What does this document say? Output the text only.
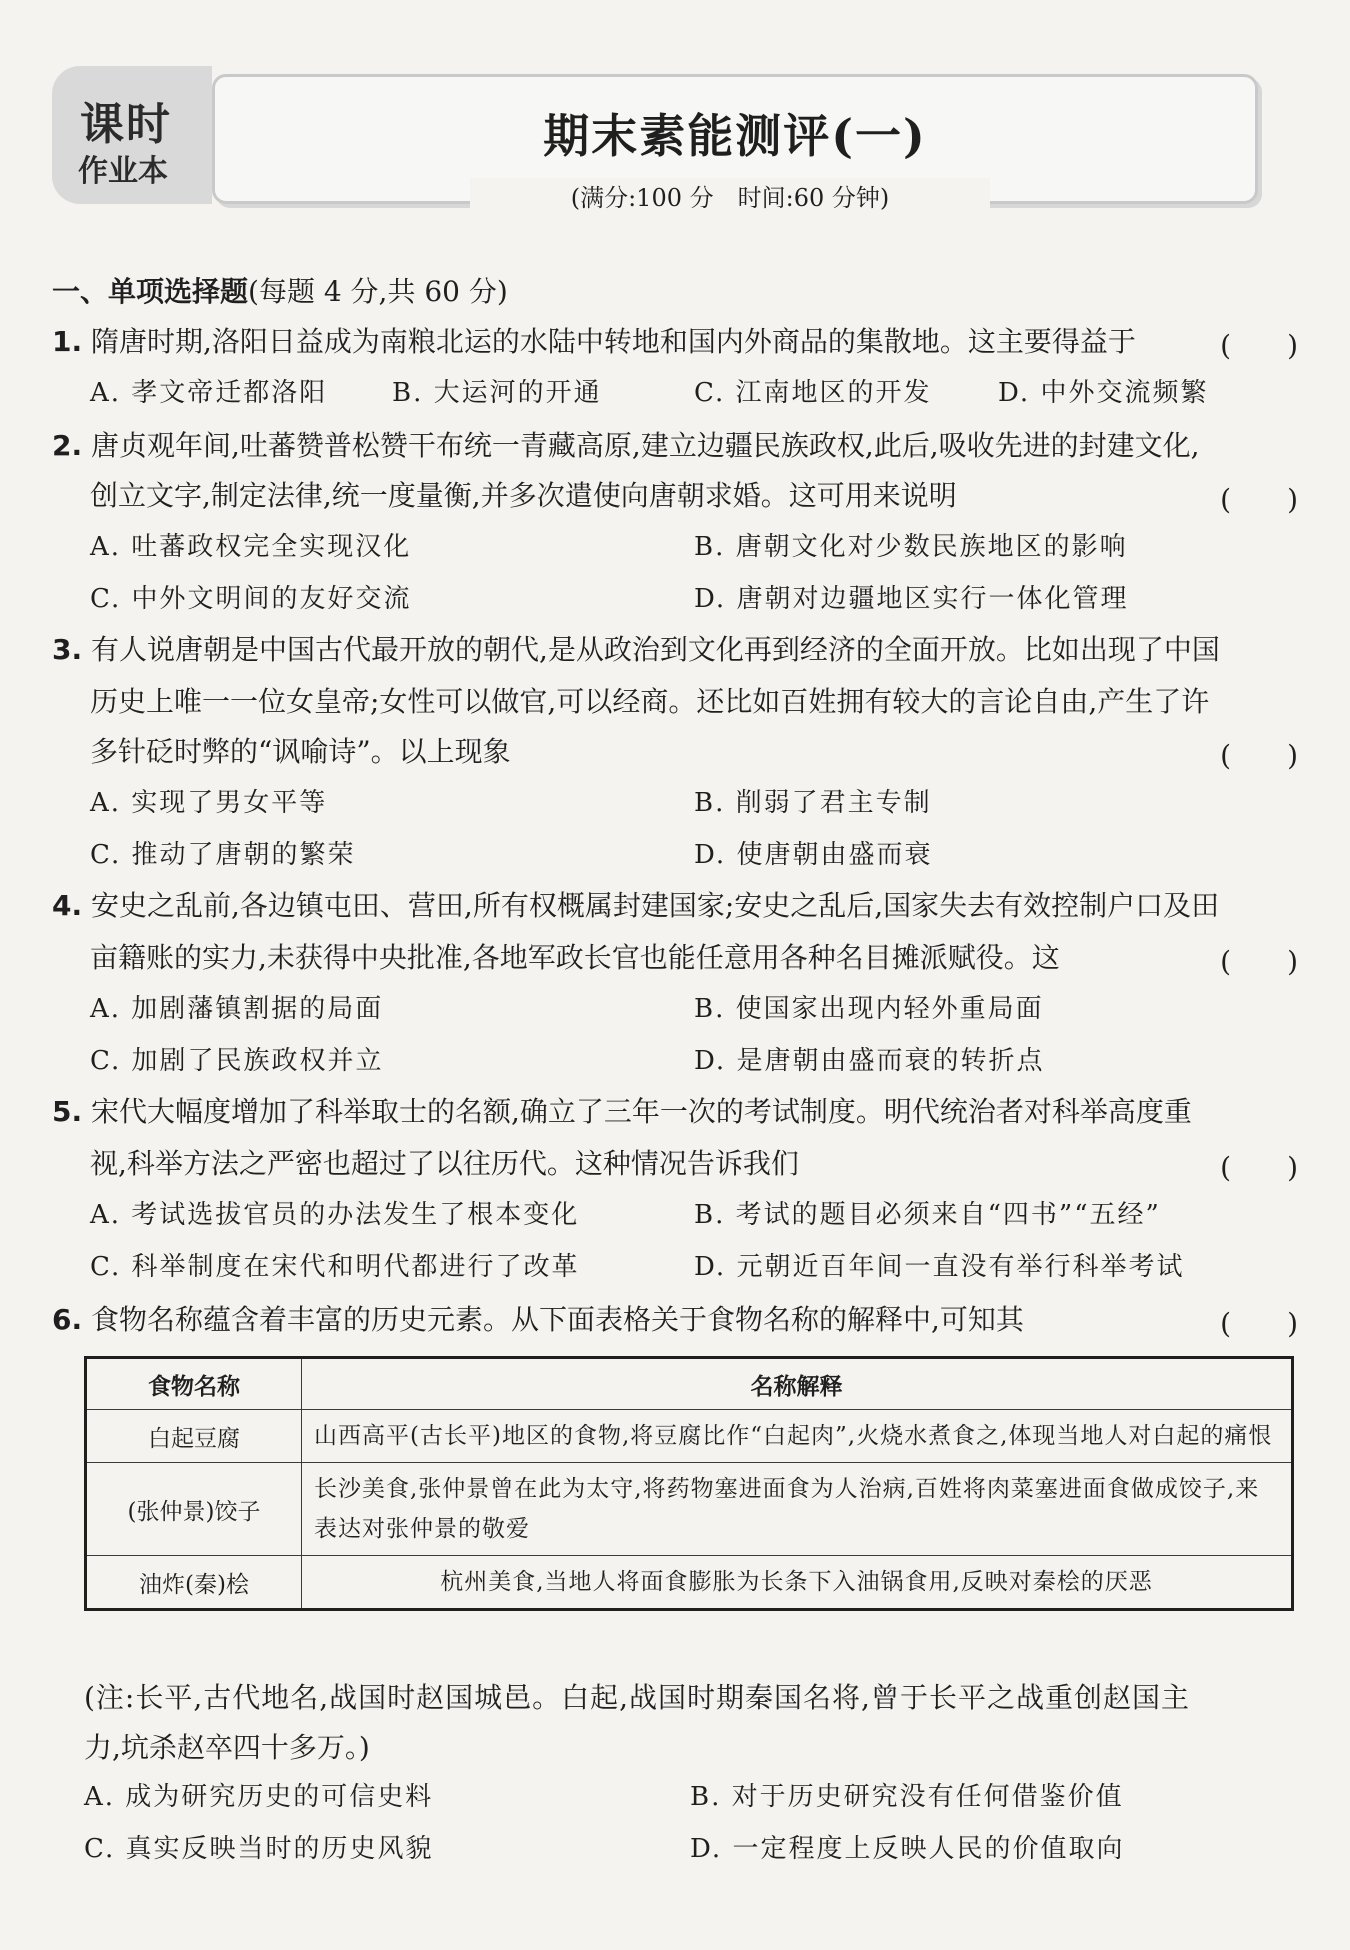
课时
作业本
期末素能测评(一)
(满分:100 分　时间:60 分钟)
一、单项选择题(每题 4 分,共 60 分)
1. 隋唐时期,洛阳日益成为南粮北运的水陆中转地和国内外商品的集散地。这主要得益于	(　　)
A. 孝文帝迁都洛阳 B. 大运河的开通	C. 江南地区的开发	D. 中外交流频繁
2. 唐贞观年间,吐蕃赞普松赞干布统一青藏高原,建立边疆民族政权,此后,吸收先进的封建文化,
创立文字,制定法律,统一度量衡,并多次遣使向唐朝求婚。这可用来说明	(　　)
A. 吐蕃政权完全实现汉化	B. 唐朝文化对少数民族地区的影响
C. 中外文明间的友好交流	D. 唐朝对边疆地区实行一体化管理
3. 有人说唐朝是中国古代最开放的朝代,是从政治到文化再到经济的全面开放。比如出现了中国
历史上唯一一位女皇帝;女性可以做官,可以经商。还比如百姓拥有较大的言论自由,产生了许
多针砭时弊的“讽喻诗”。以上现象	(　　)
A. 实现了男女平等	B. 削弱了君主专制
C. 推动了唐朝的繁荣	D. 使唐朝由盛而衰
4. 安史之乱前,各边镇屯田、营田,所有权概属封建国家;安史之乱后,国家失去有效控制户口及田
亩籍账的实力,未获得中央批准,各地军政长官也能任意用各种名目摊派赋役。这	(　　)
A. 加剧藩镇割据的局面	B. 使国家出现内轻外重局面
C. 加剧了民族政权并立	D. 是唐朝由盛而衰的转折点
5. 宋代大幅度增加了科举取士的名额,确立了三年一次的考试制度。明代统治者对科举高度重
视,科举方法之严密也超过了以往历代。这种情况告诉我们	(　　)
A. 考试选拔官员的办法发生了根本变化	B. 考试的题目必须来自“四书”“五经”
C. 科举制度在宋代和明代都进行了改革	D. 元朝近百年间一直没有举行科举考试
6. 食物名称蕴含着丰富的历史元素。从下面表格关于食物名称的解释中,可知其	(　　)
食物名称	名称解释
白起豆腐	山西高平(古长平)地区的食物,将豆腐比作“白起肉”,火烧水煮食之,体现当地人对白起的痛恨
(张仲景)饺子	长沙美食,张仲景曾在此为太守,将药物塞进面食为人治病,百姓将肉菜塞进面食做成饺子,来表达对张仲景的敬爱
油炸(秦)桧	杭州美食,当地人将面食膨胀为长条下入油锅食用,反映对秦桧的厌恶
(注:长平,古代地名,战国时赵国城邑。白起,战国时期秦国名将,曾于长平之战重创赵国主
力,坑杀赵卒四十多万。)
A. 成为研究历史的可信史料	B. 对于历史研究没有任何借鉴价值
C. 真实反映当时的历史风貌	D. 一定程度上反映人民的价值取向
